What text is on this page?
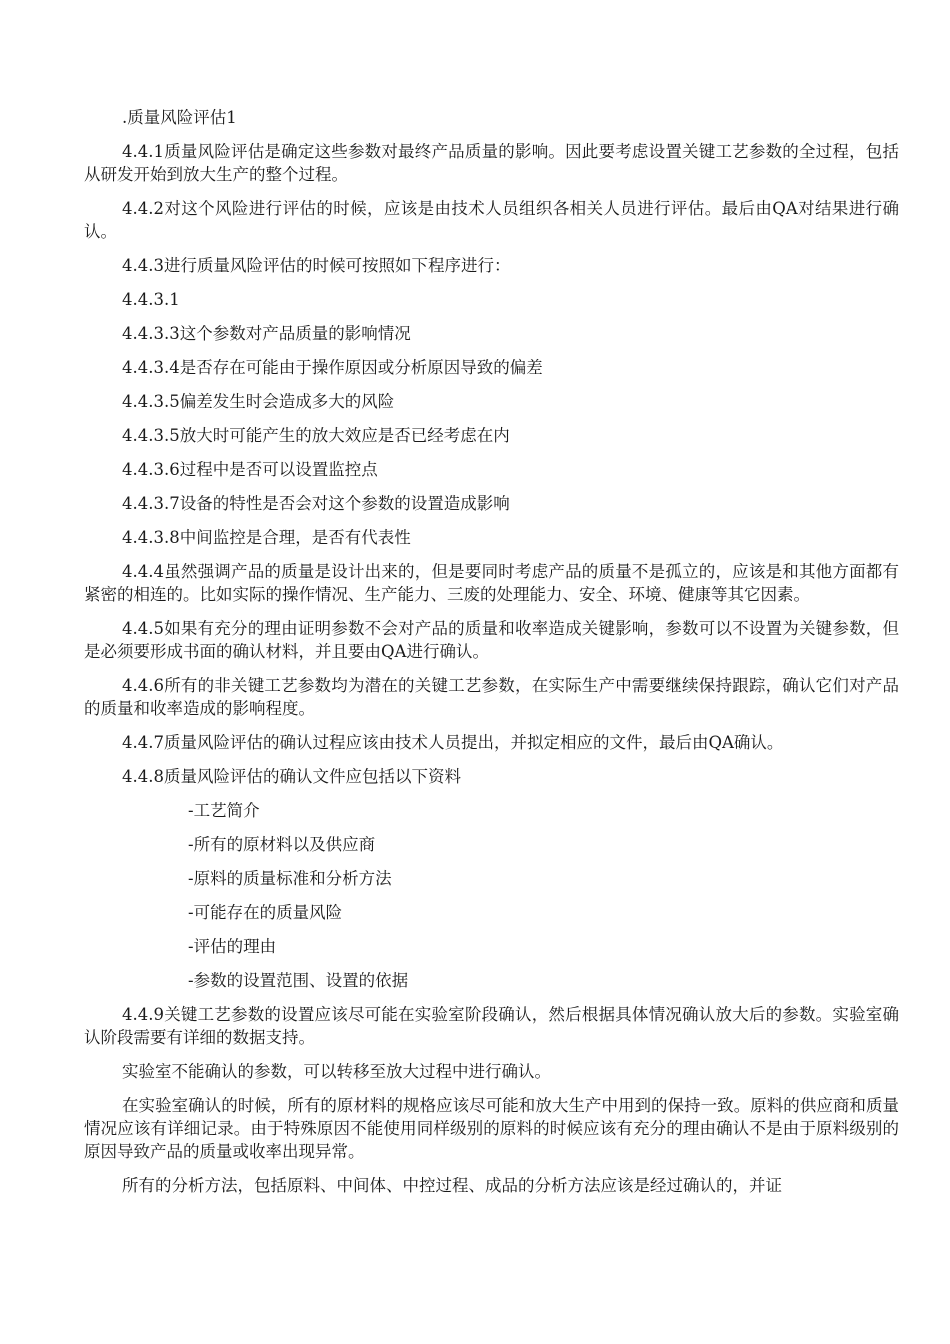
.质量风险评估1

4.4.1质量风险评估是确定这些参数对最终产品质量的影响。因此要考虑设置关键工艺参数的全过程，包括从研发开始到放大生产的整个过程。

4.4.2对这个风险进行评估的时候，应该是由技术人员组织各相关人员进行评估。最后由QA对结果进行确认。

4.4.3进行质量风险评估的时候可按照如下程序进行：

4.4.3.1

4.4.3.3这个参数对产品质量的影响情况

4.4.3.4是否存在可能由于操作原因或分析原因导致的偏差

4.4.3.5偏差发生时会造成多大的风险

4.4.3.5放大时可能产生的放大效应是否已经考虑在内

4.4.3.6过程中是否可以设置监控点

4.4.3.7设备的特性是否会对这个参数的设置造成影响

4.4.3.8中间监控是合理，是否有代表性

4.4.4虽然强调产品的质量是设计出来的，但是要同时考虑产品的质量不是孤立的，应该是和其他方面都有紧密的相连的。比如实际的操作情况、生产能力、三废的处理能力、安全、环境、健康等其它因素。

4.4.5如果有充分的理由证明参数不会对产品的质量和收率造成关键影响，参数可以不设置为关键参数，但是必须要形成书面的确认材料，并且要由QA进行确认。

4.4.6所有的非关键工艺参数均为潜在的关键工艺参数，在实际生产中需要继续保持跟踪，确认它们对产品的质量和收率造成的影响程度。

4.4.7质量风险评估的确认过程应该由技术人员提出，并拟定相应的文件，最后由QA确认。

4.4.8质量风险评估的确认文件应包括以下资料

-工艺简介
-所有的原材料以及供应商
-原料的质量标准和分析方法
-可能存在的质量风险
-评估的理由
-参数的设置范围、设置的依据

4.4.9关键工艺参数的设置应该尽可能在实验室阶段确认，然后根据具体情况确认放大后的参数。实验室确认阶段需要有详细的数据支持。

实验室不能确认的参数，可以转移至放大过程中进行确认。

在实验室确认的时候，所有的原材料的规格应该尽可能和放大生产中用到的保持一致。原料的供应商和质量情况应该有详细记录。由于特殊原因不能使用同样级别的原料的时候应该有充分的理由确认不是由于原料级别的原因导致产品的质量或收率出现异常。

所有的分析方法，包括原料、中间体、中控过程、成品的分析方法应该是经过确认的，并证
